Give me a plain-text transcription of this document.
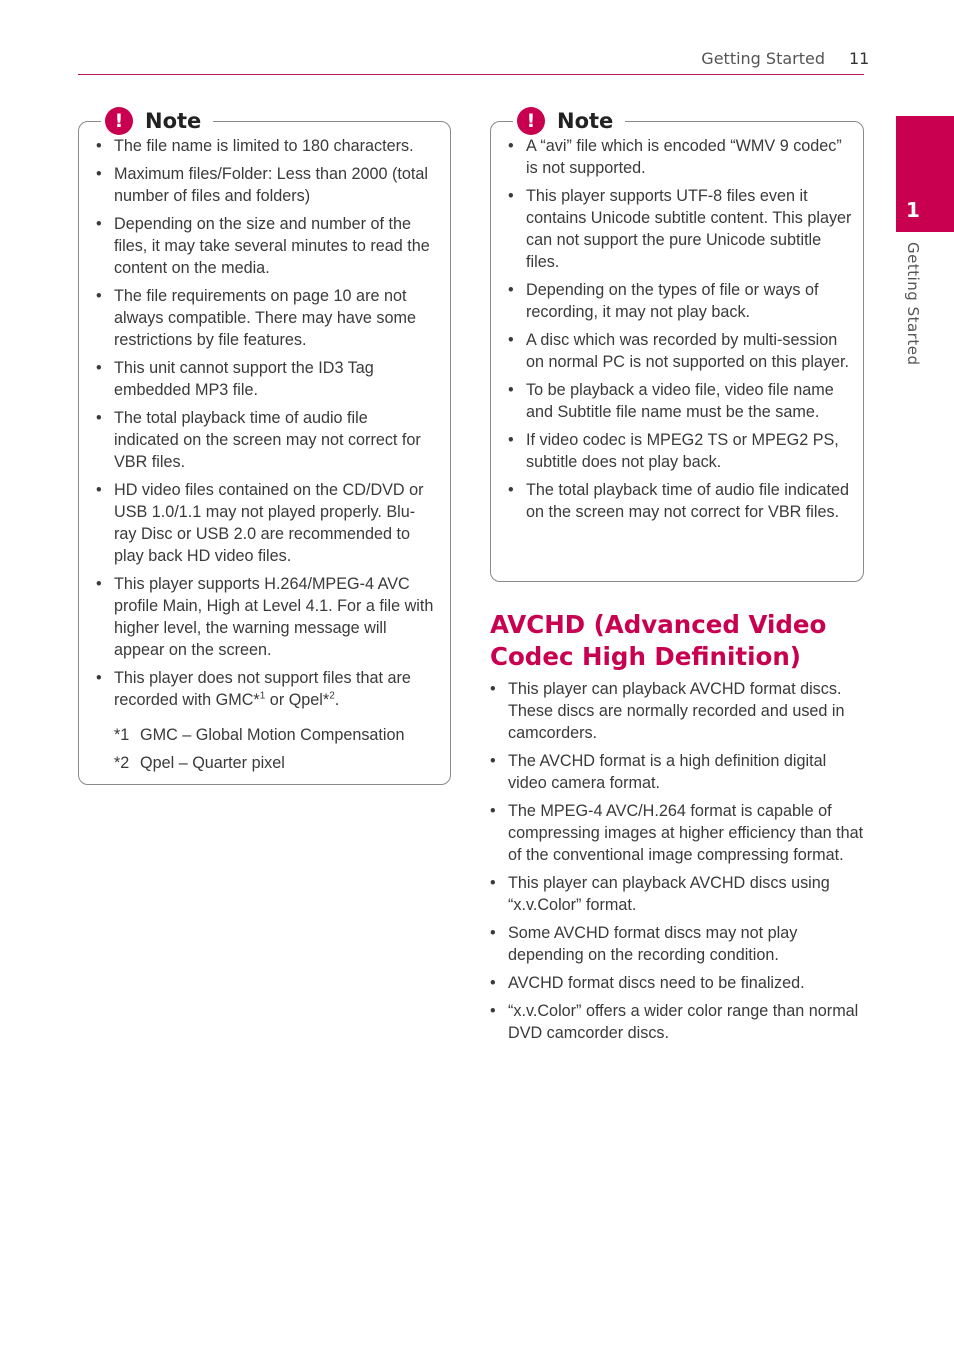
Getting Started 11
1
Getting Started
!	Note
• The file name is limited to 180 characters.
• Maximum files/Folder: Less than 2000 (total number of files and folders)
• Depending on the size and number of the files, it may take several minutes to read the content on the media.
• The file requirements on page 10 are not always compatible. There may have some restrictions by file features.
• This unit cannot support the ID3 Tag embedded MP3 file.
• The total playback time of audio file indicated on the screen may not correct for VBR files.
• HD video files contained on the CD/DVD or USB 1.0/1.1 may not played properly. Blu-ray Disc or USB 2.0 are recommended to play back HD video files.
• This player supports H.264/MPEG-4 AVC profile Main, High at Level 4.1. For a file with higher level, the warning message will appear on the screen.
• This player does not support files that are recorded with GMC*$^1$ or Qpel*$^2$.
*1 GMC – Global Motion Compensation
*2 Qpel – Quarter pixel
!	Note
• A “avi” file which is encoded “WMV 9 codec” is not supported.
• This player supports UTF-8 files even it contains Unicode subtitle content. This player can not support the pure Unicode subtitle files.
• Depending on the types of file or ways of recording, it may not play back.
• A disc which was recorded by multi-session on normal PC is not supported on this player.
• To be playback a video file, video file name and Subtitle file name must be the same.
• If video codec is MPEG2 TS or MPEG2 PS, subtitle does not play back.
• The total playback time of audio file indicated on the screen may not correct for VBR files.
AVCHD (Advanced Video Codec High Definition)
• This player can playback AVCHD format discs. These discs are normally recorded and used in camcorders.
• The AVCHD format is a high definition digital video camera format.
• The MPEG-4 AVC/H.264 format is capable of compressing images at higher efficiency than that of the conventional image compressing format.
• This player can playback AVCHD discs using “x.v.Color” format.
• Some AVCHD format discs may not play depending on the recording condition.
• AVCHD format discs need to be finalized.
• “x.v.Color” offers a wider color range than normal DVD camcorder discs.
